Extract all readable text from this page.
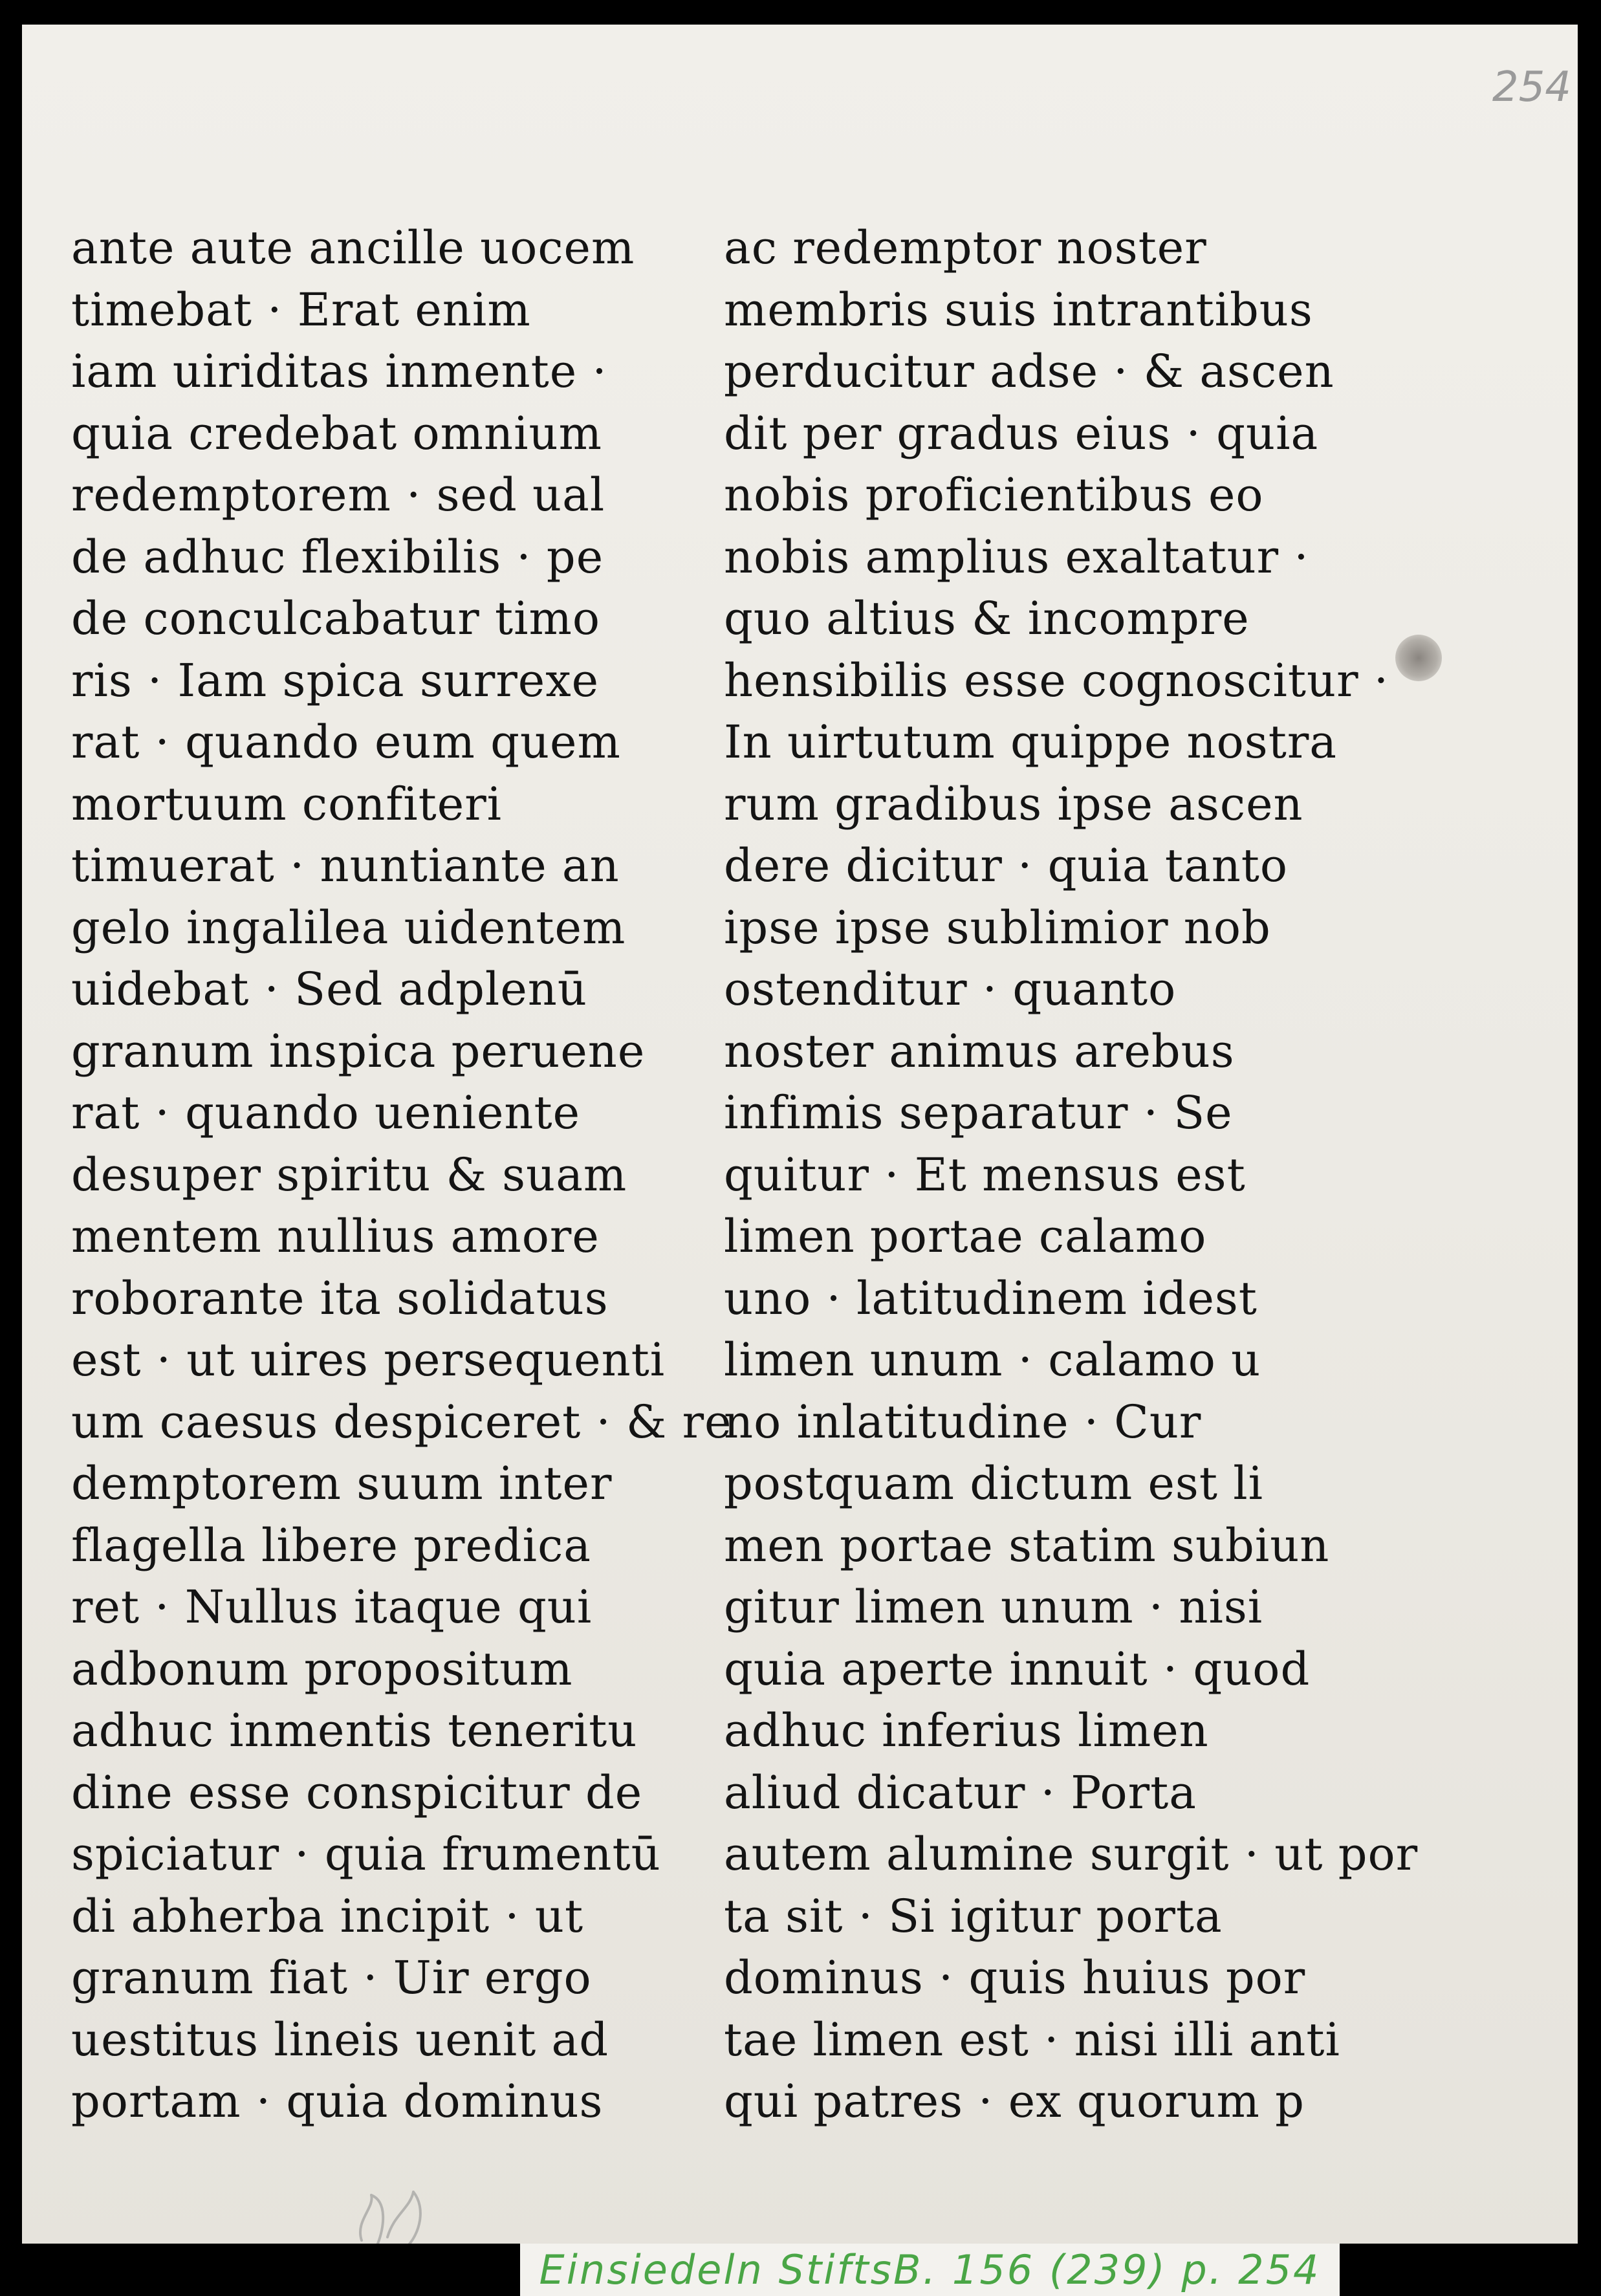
254
ante aute ancille uocem
timebat · Erat enim
iam uiriditas inmente ·
quia credebat omnium
redemptorem · sed ual
de adhuc flexibilis · pe
de conculcabatur timo
ris · Iam spica surrexe
rat · quando eum quem
mortuum confiteri
timuerat · nuntiante an
gelo ingalilea uidentem
uidebat · Sed adplenū
granum inspica peruene
rat · quando ueniente
desuper spiritu & suam
mentem nullius amore
roborante ita solidatus
est · ut uires persequenti
um caesus despiceret · & re
demptorem suum inter
flagella libere predica
ret · Nullus itaque qui
adbonum propositum
adhuc inmentis teneritu
dine esse conspicitur de
spiciatur · quia frumentū
di abherba incipit · ut
granum fiat · Uir ergo
uestitus lineis uenit ad
portam · quia dominus
ac redemptor noster
membris suis intrantibus
perducitur adse · & ascen
dit per gradus eius · quia
nobis proficientibus eo
nobis amplius exaltatur ·
quo altius & incompre
hensibilis esse cognoscitur ·
In uirtutum quippe nostra
rum gradibus ipse ascen
dere dicitur · quia tanto
ipse ipse sublimior nob
ostenditur · quanto
noster animus arebus
infimis separatur · Se
quitur · Et mensus est
limen portae calamo
uno · latitudinem idest
limen unum · calamo u
no inlatitudine · Cur
postquam dictum est li
men portae statim subiun
gitur limen unum · nisi
quia aperte innuit · quod
adhuc inferius limen
aliud dicatur · Porta
autem alumine surgit · ut por
ta sit · Si igitur porta
dominus · quis huius por
tae limen est · nisi illi anti
qui patres · ex quorum p
Einsiedeln StiftsB. 156 (239) p. 254
